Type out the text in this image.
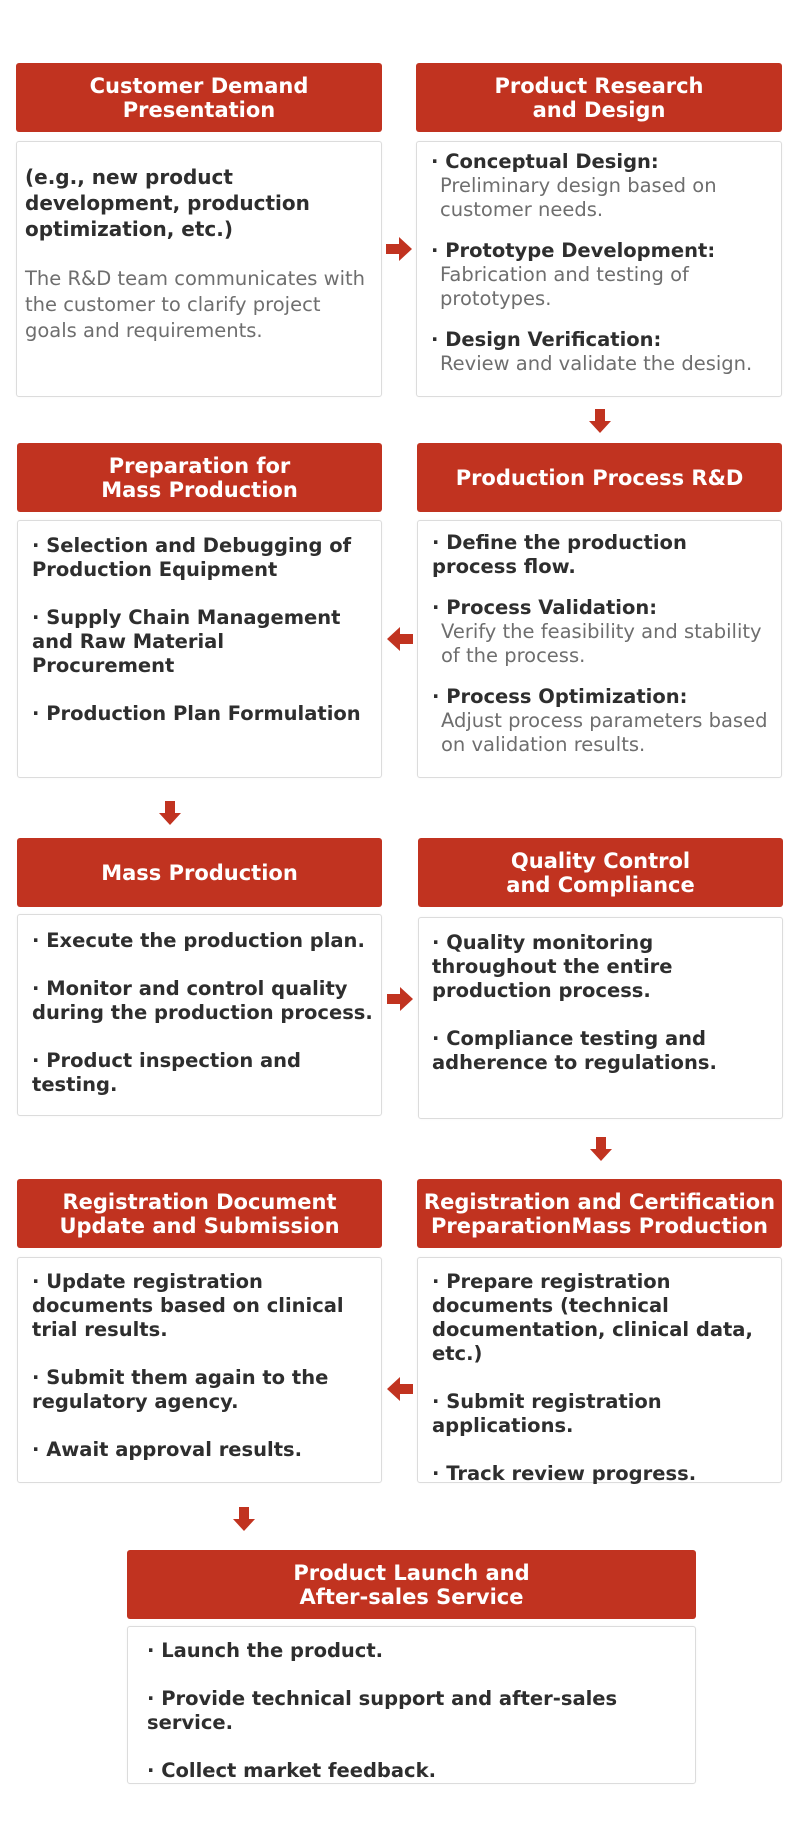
Customer Demand
Presentation
(e.g., new product development, production optimization, etc.)
The R&D team communicates with the customer to clarify project goals and requirements.
Product Research
and Design
· Conceptual Design:
Preliminary design based on customer needs.
· Prototype Development:
Fabrication and testing of prototypes.
· Design Verification:
Review and validate the design.
Preparation for
Mass Production
· Selection and Debugging of Production Equipment
· Supply Chain Management and Raw Material Procurement
· Production Plan Formulation
Production Process R&D
· Define the production process flow.
· Process Validation:
Verify the feasibility and stability of the process.
· Process Optimization:
Adjust process parameters based on validation results.
Mass Production
· Execute the production plan.
· Monitor and control quality during the production process.
· Product inspection and testing.
Quality Control
and Compliance
· Quality monitoring throughout the entire production process.
· Compliance testing and adherence to regulations.
Registration Document
Update and Submission
· Update registration documents based on clinical trial results.
· Submit them again to the regulatory agency.
· Await approval results.
Registration and Certification
PreparationMass Production
· Prepare registration documents (technical documentation, clinical data, etc.)
· Submit registration applications.
· Track review progress.
Product Launch and
After-sales Service
· Launch the product.
· Provide technical support and after-sales service.
· Collect market feedback.
